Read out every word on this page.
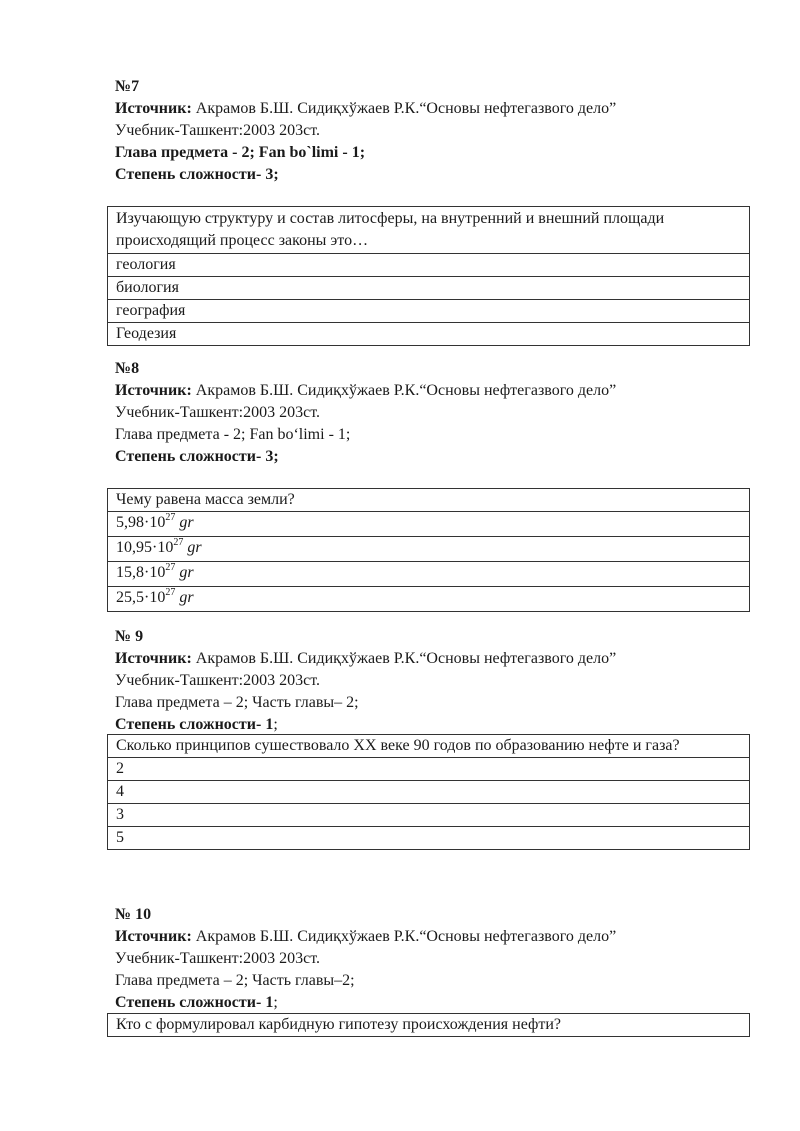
№7
Источник: Акрамов Б.Ш. Сидиқхўжаев Р.К.“Основы нефтегазвого дело”
Учебник-Ташкент:2003 203ст.
Глава предмета - 2; Fan bo`limi - 1;
Степень сложности- 3;
Изучающую структуру и состав литосферы, на внутренний и внешний площади происходящий процесс законы это…
геология
биология
география
Геодезия
№8
Источник: Акрамов Б.Ш. Сидиқхўжаев Р.К.“Основы нефтегазвого дело”
Учебник-Ташкент:2003 203ст.
Глава предмета - 2; Fan boʻlimi - 1;
Степень сложности- 3;
Чему равена масса земли?
$5,98\cdot 10^{27}$ gr
$10,95\cdot 10^{27}$ gr
$15,8\cdot 10^{27}$ gr
$25,5\cdot 10^{27}$ gr
№ 9
Источник: Акрамов Б.Ш. Сидиқхўжаев Р.К.“Основы нефтегазвого дело”
Учебник-Ташкент:2003 203ст.
Глава предмета – 2; Часть главы– 2;
Степень сложности- 1;
Сколько принципов сушествовало XX веке 90 годов по образованию нефте и газа?
2
4
3
5
№ 10
Источник: Акрамов Б.Ш. Сидиқхўжаев Р.К.“Основы нефтегазвого дело”
Учебник-Ташкент:2003 203ст.
Глава предмета – 2; Часть главы–2;
Степень сложности- 1;
Кто с формулировал карбидную гипотезу происхождения нефти?
